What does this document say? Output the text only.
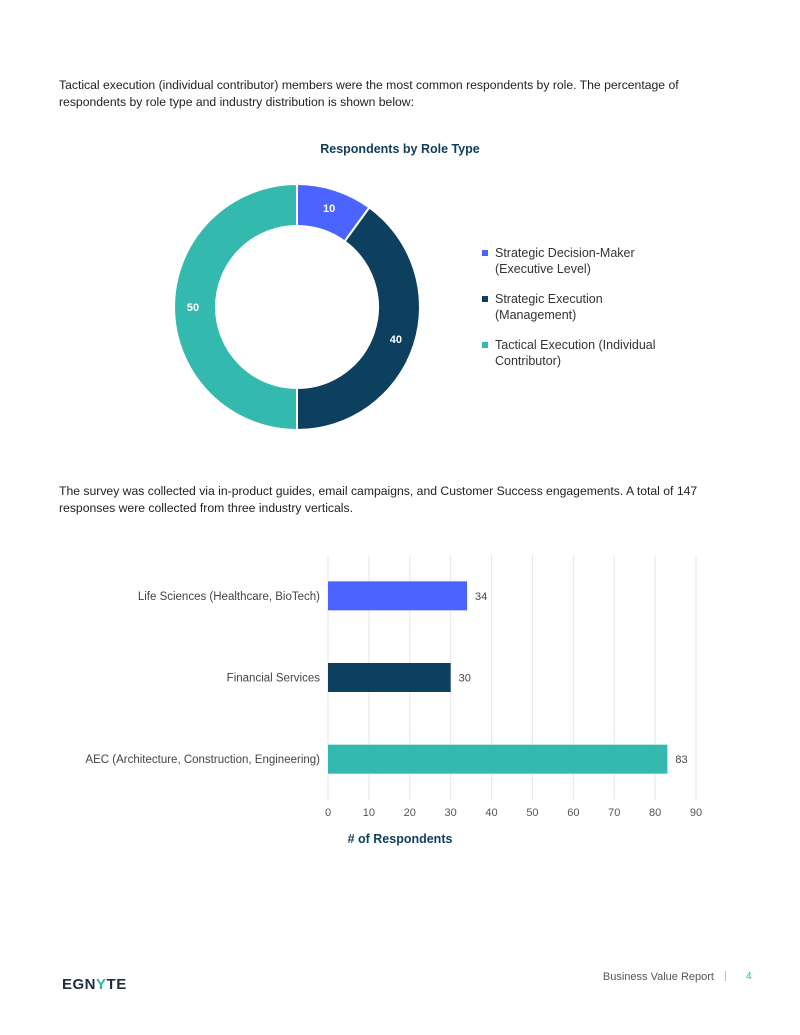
Tactical execution (individual contributor) members were the most common respondents by role. The percentage of respondents by role type and industry distribution is shown below:
Respondents by Role Type
10
40
50
Strategic Decision-Maker (Executive Level)
Strategic Execution (Management)
Tactical Execution (Individual Contributor)
The survey was collected via in-product guides, email campaigns, and Customer Success engagements. A total of 147 responses were collected from three industry verticals.
0	10	20	30	40	50	60	70	80	90
Life Sciences (Healthcare, BioTech)	34
Financial Services	30
AEC (Architecture, Construction, Engineering)	83
# of Respondents
EGNYTE	Business Value Report | 4
